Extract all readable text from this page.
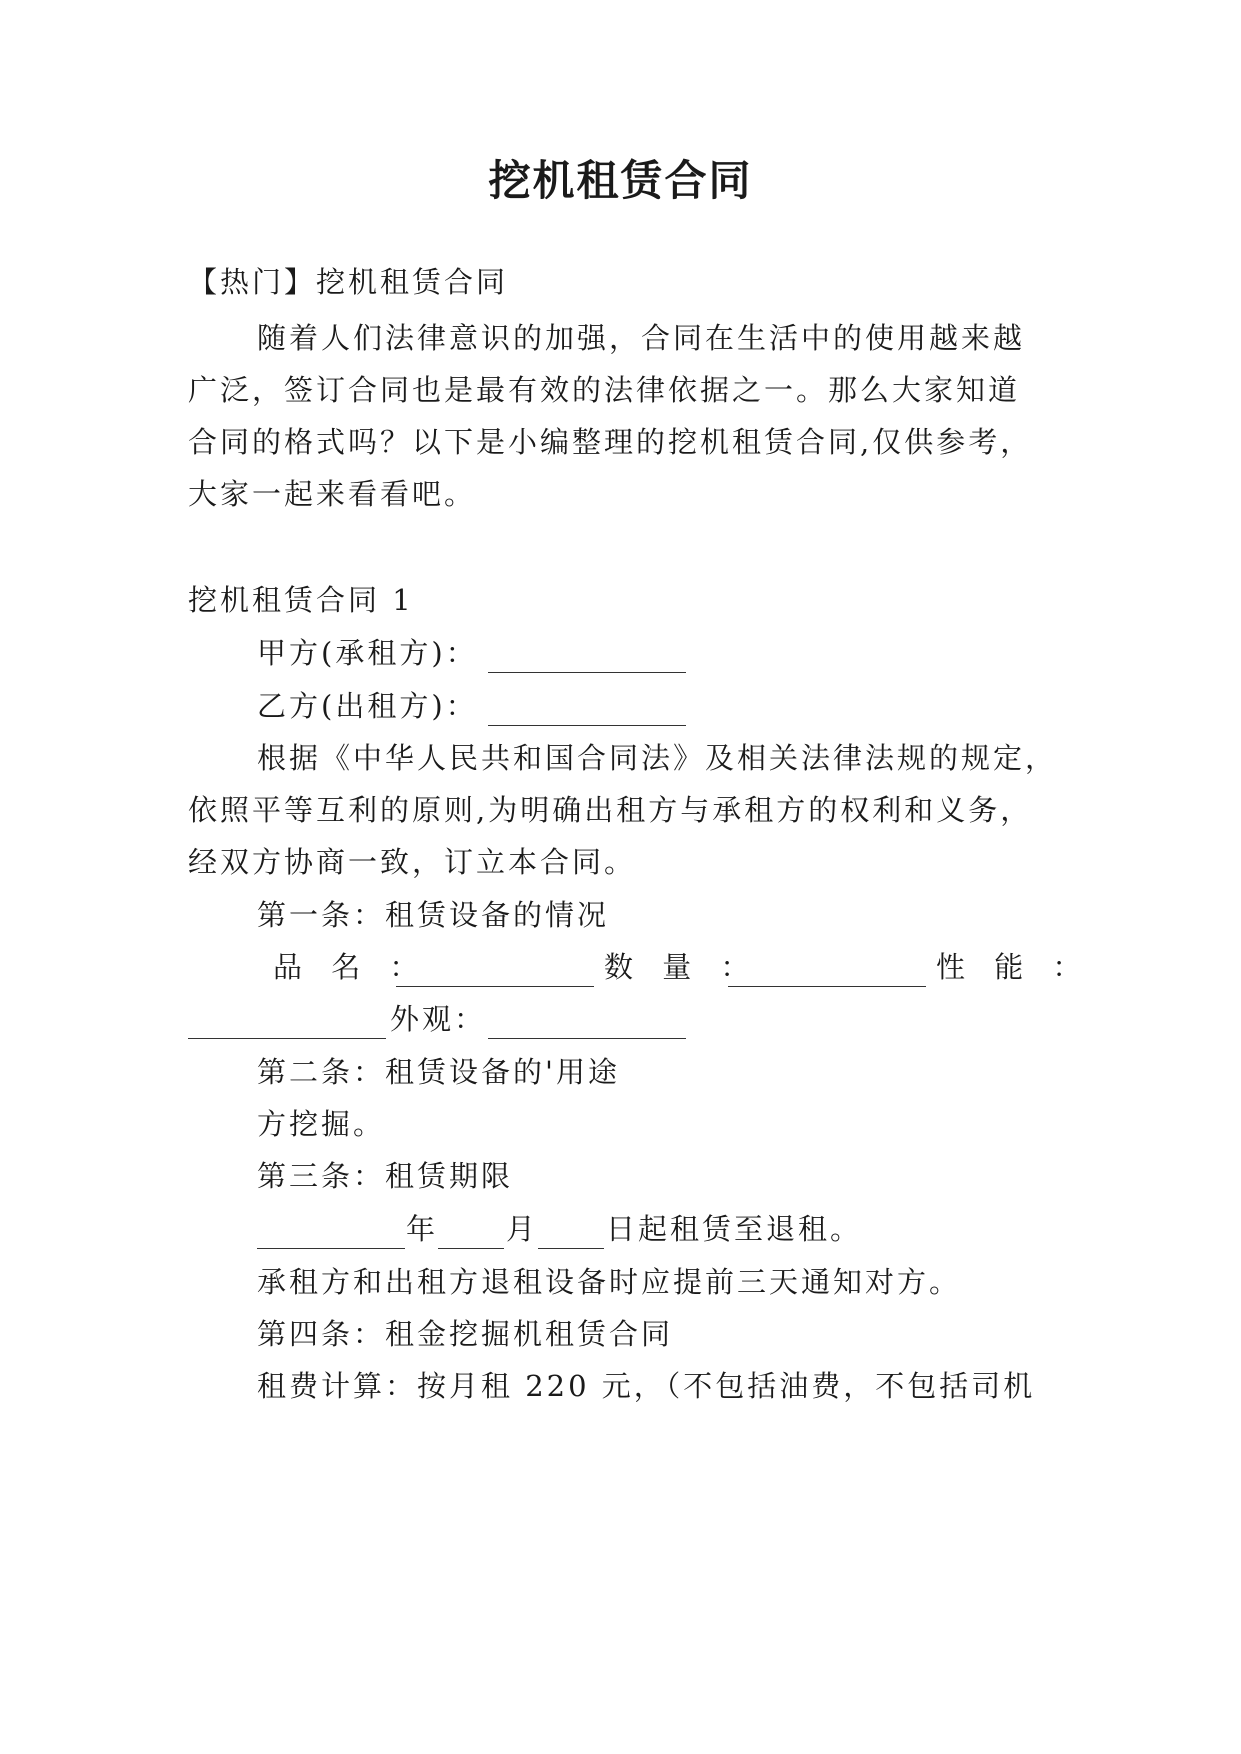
挖机租赁合同
【热门】挖机租赁合同
随着人们法律意识的加强，合同在生活中的使用越来越
广泛，签订合同也是最有效的法律依据之一。那么大家知道
合同的格式吗？以下是小编整理的挖机租赁合同,仅供参考，
大家一起来看看吧。
挖机租赁合同 1
甲方(承租方)：
乙方(出租方)：
根据《中华人民共和国合同法》及相关法律法规的规定，
依照平等互利的原则,为明确出租方与承租方的权利和义务，
经双方协商一致，订立本合同。
第一条：租赁设备的情况
品 名 ：	数 量 ：	性 能 ：
外观：
第二条：租赁设备的'用途
方挖掘。
第三条：租赁期限
年 月 日起租赁至退租。
承租方和出租方退租设备时应提前三天通知对方。
第四条：租金挖掘机租赁合同
租费计算：按月租 220 元，（不包括油费，不包括司机
